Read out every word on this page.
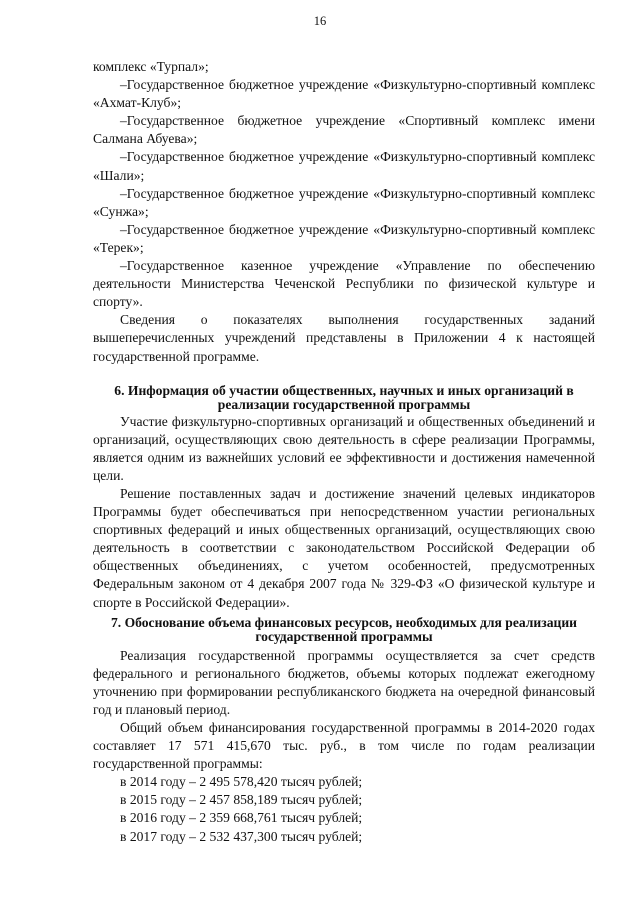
16

комплекс «Турпал»;

–Государственное бюджетное учреждение «Физкультурно-спортивный комплекс «Ахмат-Клуб»;

–Государственное бюджетное учреждение «Спортивный комплекс имени Салмана Абуева»;

–Государственное бюджетное учреждение «Физкультурно-спортивный комплекс «Шали»;

–Государственное бюджетное учреждение «Физкультурно-спортивный комплекс «Сунжа»;

–Государственное бюджетное учреждение «Физкультурно-спортивный комплекс «Терек»;

–Государственное казенное учреждение «Управление по обеспечению деятельности Министерства Чеченской Республики по физической культуре и спорту».

Сведения о показателях выполнения государственных заданий вышеперечисленных учреждений представлены в Приложении 4 к настоящей государственной программе.

6. Информация об участии общественных, научных и иных организаций в реализации государственной программы

Участие физкультурно-спортивных организаций и общественных объединений и организаций, осуществляющих свою деятельность в сфере реализации Программы, является одним из важнейших условий ее эффективности и достижения намеченной цели.

Решение поставленных задач и достижение значений целевых индикаторов Программы будет обеспечиваться при непосредственном участии региональных спортивных федераций и иных общественных организаций, осуществляющих свою деятельность в соответствии с законодательством Российской Федерации об общественных объединениях, с учетом особенностей, предусмотренных Федеральным законом от 4 декабря 2007 года № 329-ФЗ «О физической культуре и спорте в Российской Федерации».

7. Обоснование объема финансовых ресурсов, необходимых для реализации государственной программы

Реализация государственной программы осуществляется за счет средств федерального и регионального бюджетов, объемы которых подлежат ежегодному уточнению при формировании республиканского бюджета на очередной финансовый год и плановый период.

Общий объем финансирования государственной программы в 2014-2020 годах составляет 17 571 415,670 тыс. руб., в том числе по годам реализации государственной программы:

в 2014 году – 2 495 578,420 тысяч рублей;

в 2015 году – 2 457 858,189 тысяч рублей;

в 2016 году – 2 359 668,761 тысяч рублей;

в 2017 году – 2 532 437,300 тысяч рублей;
